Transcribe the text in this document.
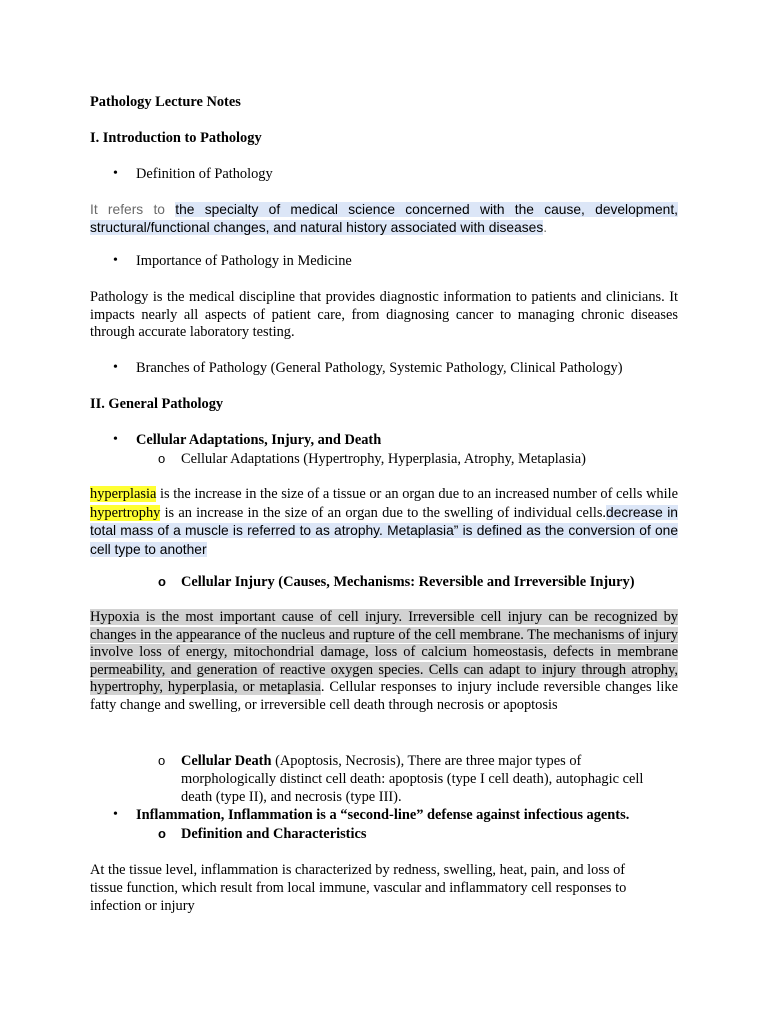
Pathology Lecture Notes

I. Introduction to Pathology

• Definition of Pathology

It refers to the specialty of medical science concerned with the cause, development, structural/functional changes, and natural history associated with diseases.

• Importance of Pathology in Medicine

Pathology is the medical discipline that provides diagnostic information to patients and clinicians. It impacts nearly all aspects of patient care, from diagnosing cancer to managing chronic diseases through accurate laboratory testing.

• Branches of Pathology (General Pathology, Systemic Pathology, Clinical Pathology)

II. General Pathology

• Cellular Adaptations, Injury, and Death

o Cellular Adaptations (Hypertrophy, Hyperplasia, Atrophy, Metaplasia)

hyperplasia is the increase in the size of a tissue or an organ due to an increased number of cells while hypertrophy is an increase in the size of an organ due to the swelling of individual cells.decrease in total mass of a muscle is referred to as atrophy. Metaplasia” is defined as the conversion of one cell type to another

o Cellular Injury (Causes, Mechanisms: Reversible and Irreversible Injury)

Hypoxia is the most important cause of cell injury. Irreversible cell injury can be recognized by changes in the appearance of the nucleus and rupture of the cell membrane. The mechanisms of injury involve loss of energy, mitochondrial damage, loss of calcium homeostasis, defects in membrane permeability, and generation of reactive oxygen species. Cells can adapt to injury through atrophy, hypertrophy, hyperplasia, or metaplasia. Cellular responses to injury include reversible changes like fatty change and swelling, or irreversible cell death through necrosis or apoptosis

o Cellular Death (Apoptosis, Necrosis), There are three major types of morphologically distinct cell death: apoptosis (type I cell death), autophagic cell death (type II), and necrosis (type III).

• Inflammation, Inflammation is a “second-line” defense against infectious agents.

o Definition and Characteristics

At the tissue level, inflammation is characterized by redness, swelling, heat, pain, and loss of tissue function, which result from local immune, vascular and inflammatory cell responses to infection or injury
